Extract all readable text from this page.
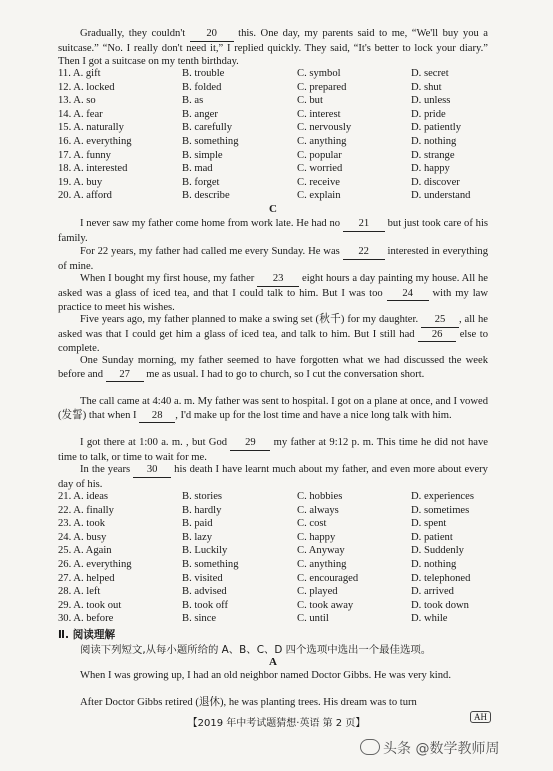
Gradually, they couldn't 20 this. One day, my parents said to me, “We'll buy you a suitcase.” “No. I really don't need it,” I replied quickly. They said, “It's better to lock your diary.” Then I got a suitcase on my tenth birthday.
11. A. gift	B. trouble	C. symbol	D. secret
12. A. locked	B. folded	C. prepared	D. shut
13. A. so	B. as	C. but	D. unless
14. A. fear	B. anger	C. interest	D. pride
15. A. naturally	B. carefully	C. nervously	D. patiently
16. A. everything	B. something	C. anything	D. nothing
17. A. funny	B. simple	C. popular	D. strange
18. A. interested	B. mad	C. worried	D. happy
19. A. buy	B. forget	C. receive	D. discover
20. A. afford	B. describe	C. explain	D. understand
C
I never saw my father come home from work late. He had no 21 but just took care of his family.
For 22 years, my father had called me every Sunday. He was 22 interested in everything of mine.
When I bought my first house, my father 23 eight hours a day painting my house. All he asked was a glass of iced tea, and that I could talk to him. But I was too 24 with my law practice to meet his wishes.
Five years ago, my father planned to make a swing set (秋千) for my daughter. 25 , all he asked was that I could get him a glass of iced tea, and talk to him. But I still had 26 else to complete.
One Sunday morning, my father seemed to have forgotten what we had discussed the week before and 27 me as usual. I had to go to church, so I cut the conversation short.
The call came at 4:40 a. m. My father was sent to hospital. I got on a plane at once, and I vowed (发誓) that when I 28 , I'd make up for the lost time and have a nice long talk with him.
I got there at 1:00 a. m. , but God 29 my father at 9:12 p. m. This time he did not have time to talk, or time to wait for me.
In the years 30 his death I have learnt much about my father, and even more about every day of his.
21. A. ideas	B. stories	C. hobbies	D. experiences
22. A. finally	B. hardly	C. always	D. sometimes
23. A. took	B. paid	C. cost	D. spent
24. A. busy	B. lazy	C. happy	D. patient
25. A. Again	B. Luckily	C. Anyway	D. Suddenly
26. A. everything	B. something	C. anything	D. nothing
27. A. helped	B. visited	C. encouraged	D. telephoned
28. A. left	B. advised	C. played	D. arrived
29. A. took out	B. took off	C. took away	D. took down
30. A. before	B. since	C. until	D. while
Ⅱ. 阅读理解
阅读下列短文,从每小题所给的 A、B、C、D 四个选项中选出一个最佳选项。
A
When I was growing up, I had an old neighbor named Doctor Gibbs. He was very kind.
After Doctor Gibbs retired (退休), he was planting trees. His dream was to turn
【2019 年中考试题猜想·英语 第 2 页】
AH
头条 @数学教师周
